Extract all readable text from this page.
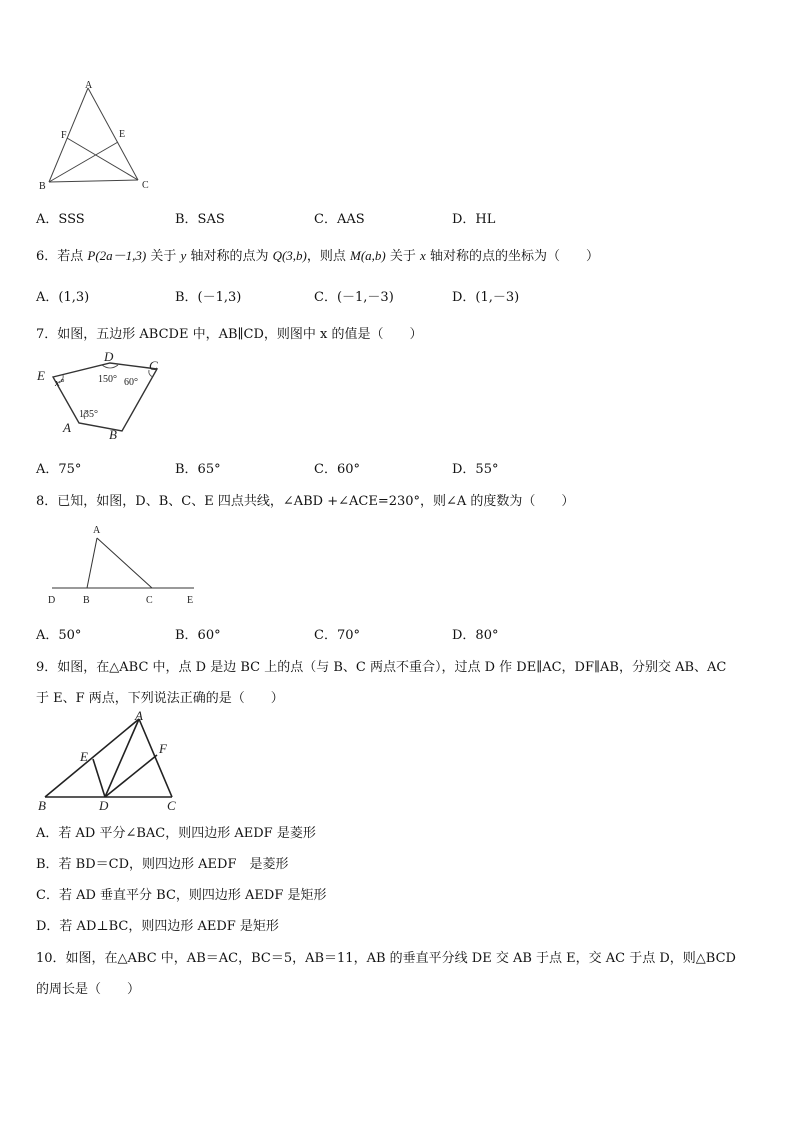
A
F	E
B	C
A．SSS	B．SAS	C．AAS	D．HL
6．若点 P(2a－1,3) 关于 y 轴对称的点为 Q(3,b)，则点 M(a,b) 关于 x 轴对称的点的坐标为（　　）
A．(1,3)	B．(－1,3)	C．(－1,－3)	D．(1,－3)
7．如图，五边形 ABCDE 中，AB∥CD，则图中 x 的值是（　　）
D
C
E
A	B
x°	150° 60°
135°
A．75°	B．65°	C．60°	D．55°
8．已知，如图，D、B、C、E 四点共线，∠ABD +∠ACE=230°，则∠A 的度数为（　　）
A
D	B	C	E
A．50°	B．60°	C．70°	D．80°
9．如图，在△ABC 中，点 D 是边 BC 上的点（与 B、C 两点不重合），过点 D 作 DE∥AC，DF∥AB，分别交 AB、AC
于 E、F 两点，下列说法正确的是（　　）
A
E
F
B	D	C
A．若 AD 平分∠BAC，则四边形 AEDF 是菱形
B．若 BD＝CD，则四边形 AEDF　是菱形
C．若 AD 垂直平分 BC，则四边形 AEDF 是矩形
D．若 AD⊥BC，则四边形 AEDF 是矩形
10．如图，在△ABC 中，AB＝AC，BC＝5，AB＝11，AB 的垂直平分线 DE 交 AB 于点 E，交 AC 于点 D，则△BCD
的周长是（　　）
